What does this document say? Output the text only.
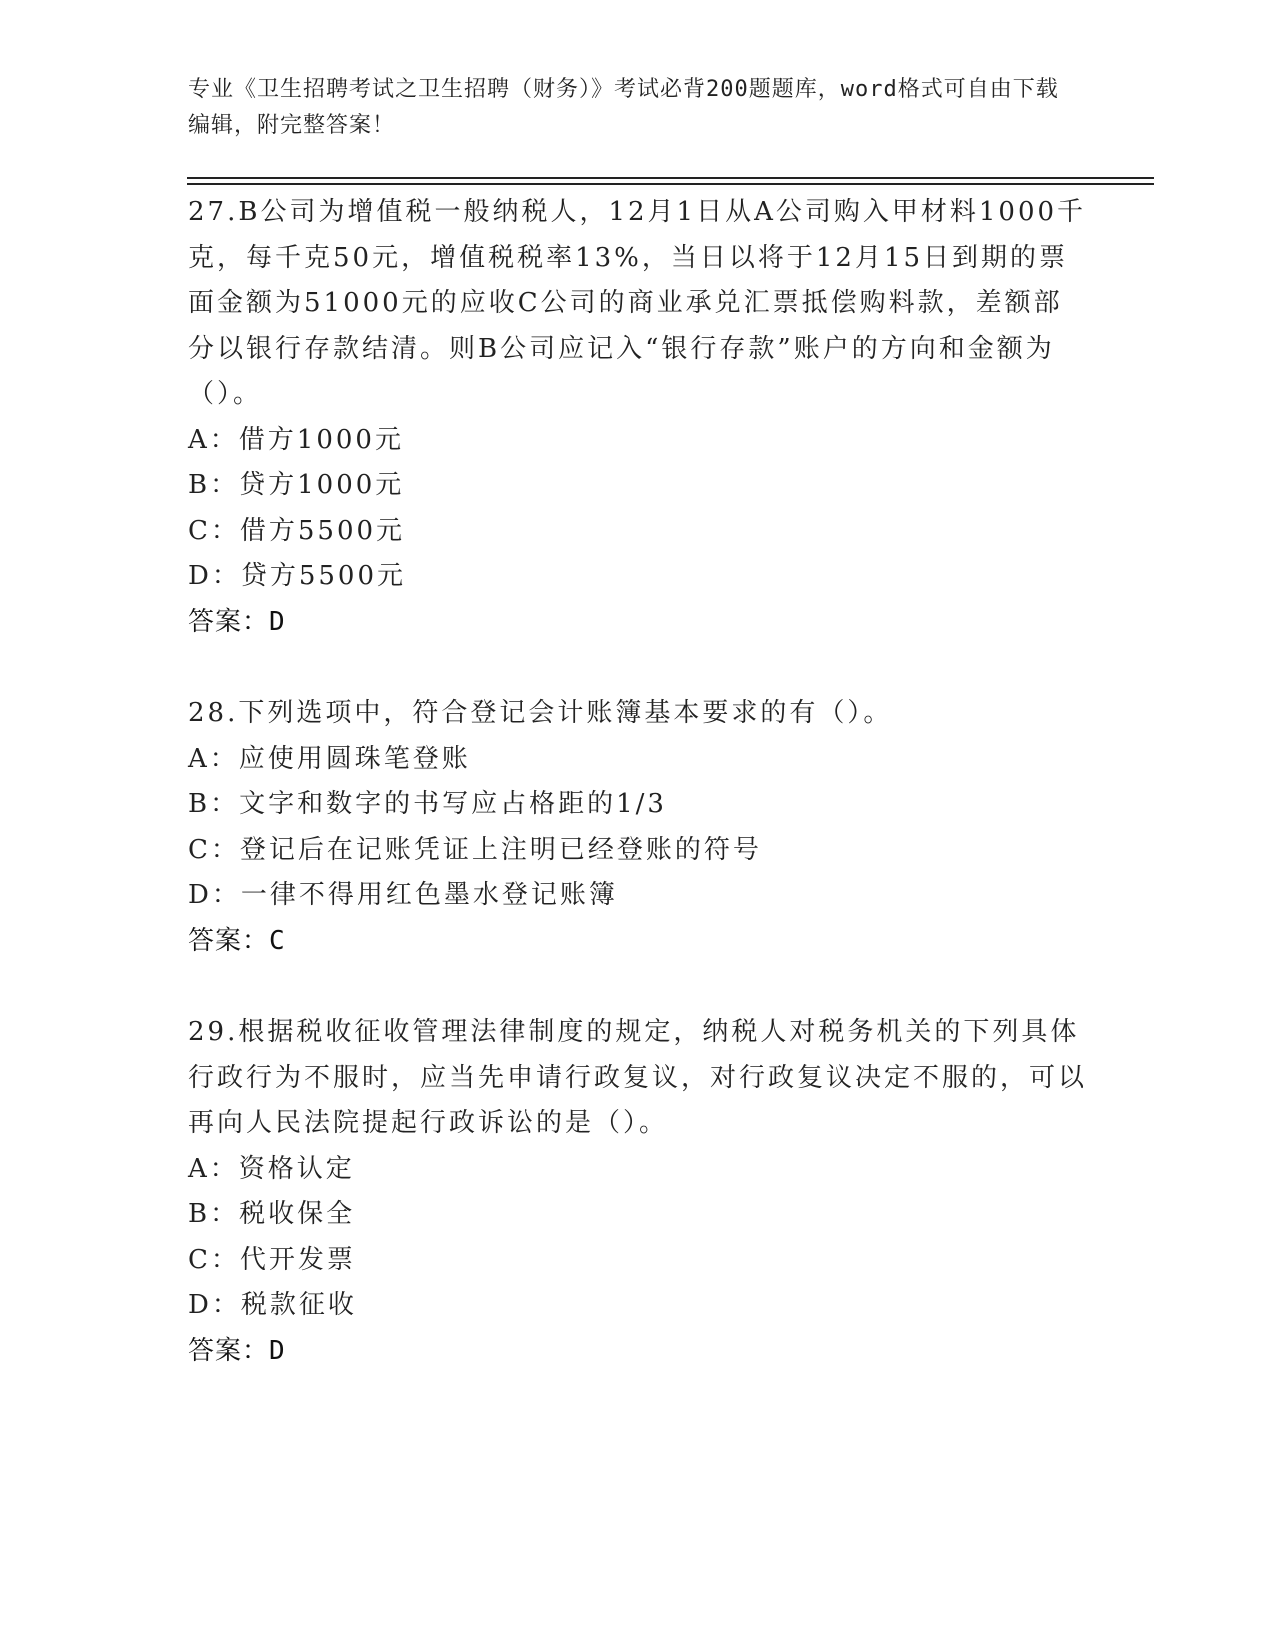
专业《卫生招聘考试之卫生招聘（财务）》考试必背200题题库，word格式可自由下载编辑，附完整答案！

27.B公司为增值税一般纳税人，12月1日从A公司购入甲材料1000千克，每千克50元，增值税税率13%，当日以将于12月15日到期的票面金额为51000元的应收C公司的商业承兑汇票抵偿购料款，差额部分以银行存款结清。则B公司应记入“银行存款”账户的方向和金额为（）。

A：借方1000元

B：贷方1000元

C：借方5500元

D：贷方5500元

答案：D

28.下列选项中，符合登记会计账簿基本要求的有（）。

A：应使用圆珠笔登账

B：文字和数字的书写应占格距的1/3

C：登记后在记账凭证上注明已经登账的符号

D：一律不得用红色墨水登记账簿

答案：C

29.根据税收征收管理法律制度的规定，纳税人对税务机关的下列具体行政行为不服时，应当先申请行政复议，对行政复议决定不服的，可以再向人民法院提起行政诉讼的是（）。

A：资格认定

B：税收保全

C：代开发票

D：税款征收

答案：D
